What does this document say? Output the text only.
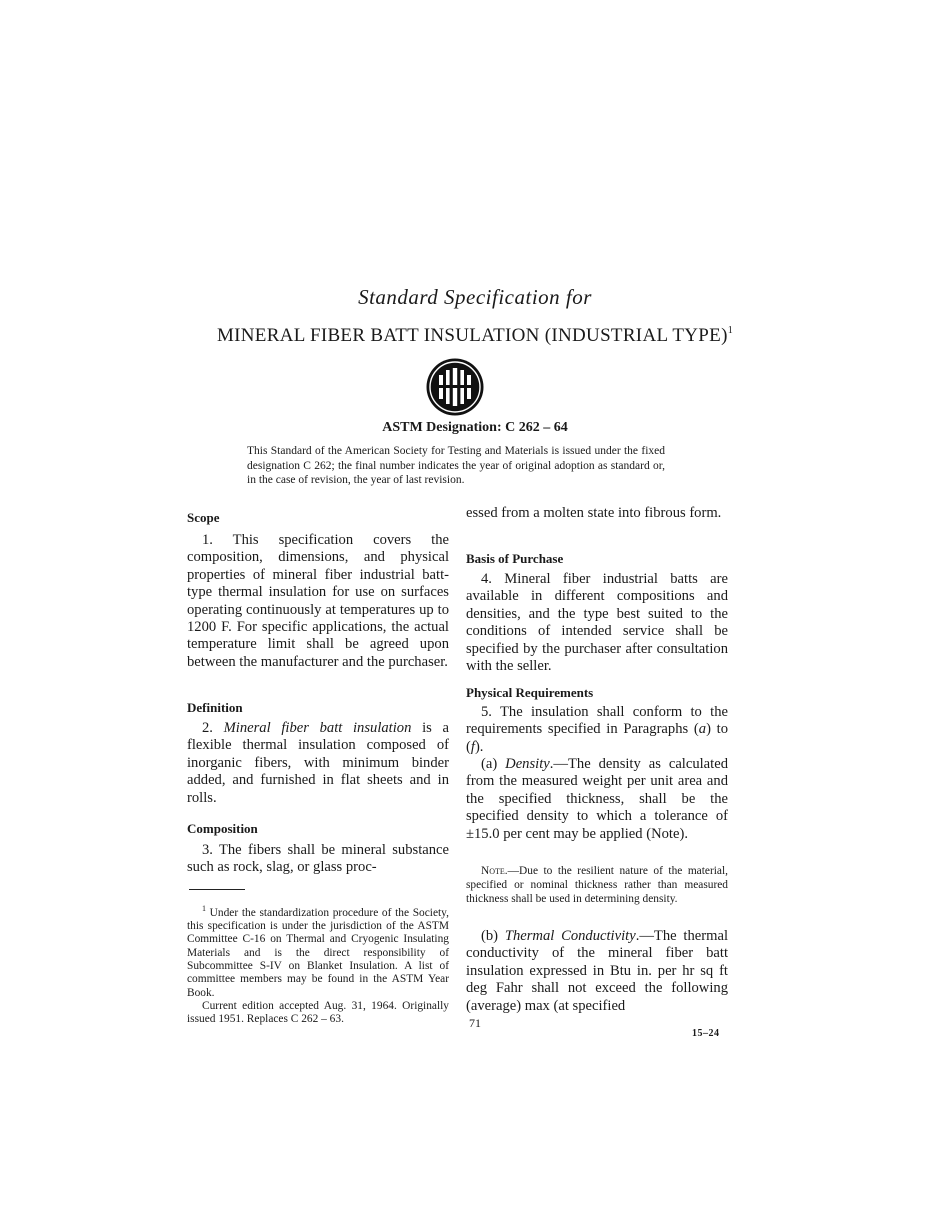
Standard Specification for
MINERAL FIBER BATT INSULATION (INDUSTRIAL TYPE)$^1$
ASTM Designation: C 262 – 64
This Standard of the American Society for Testing and Materials is issued under the fixed designation C 262; the final number indicates the year of original adoption as standard or, in the case of revision, the year of last revision.
Scope

1. This specification covers the composition, dimensions, and physical properties of mineral fiber industrial batt-type thermal insulation for use on surfaces operating continuously at temperatures up to 1200 F. For specific applications, the actual temperature limit shall be agreed upon between the manufacturer and the purchaser.

Definition

2. Mineral fiber batt insulation is a flexible thermal insulation composed of inorganic fibers, with minimum binder added, and furnished in flat sheets and in rolls.

Composition

3. The fibers shall be mineral substance such as rock, slag, or glass proc-

$^1$ Under the standardization procedure of the Society, this specification is under the jurisdiction of the ASTM Committee C-16 on Thermal and Cryogenic Insulating Materials and is the direct responsibility of Subcommittee S-IV on Blanket Insulation. A list of committee members may be found in the ASTM Year Book.

Current edition accepted Aug. 31, 1964. Originally issued 1951. Replaces C 262 – 63.

essed from a molten state into fibrous form.

Basis of Purchase

4. Mineral fiber industrial batts are available in different compositions and densities, and the type best suited to the conditions of intended service shall be specified by the purchaser after consultation with the seller.

Physical Requirements

5. The insulation shall conform to the requirements specified in Paragraphs (a) to (f).

(a) Density.—The density as calculated from the measured weight per unit area and the specified thickness, shall be the specified density to which a tolerance of ±15.0 per cent may be applied (Note).

Note.—Due to the resilient nature of the material, specified or nominal thickness rather than measured thickness shall be used in determining density.

(b) Thermal Conductivity.—The thermal conductivity of the mineral fiber batt insulation expressed in Btu in. per hr sq ft deg Fahr shall not exceed the following (average) max (at specified

71
15–24
